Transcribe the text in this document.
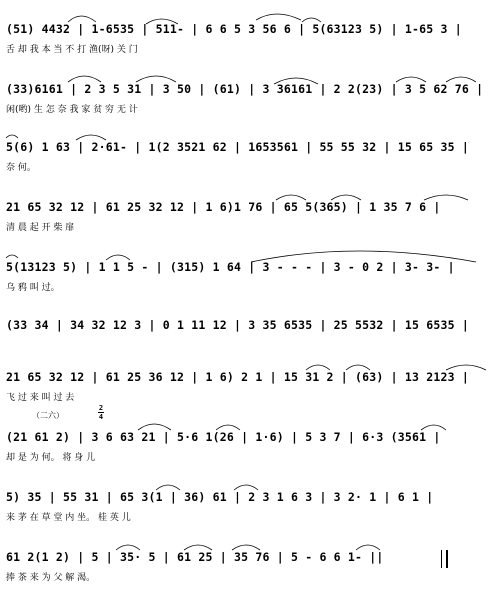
(51) 4432 | 1-6535 | 511- | 6 6 5 3 56 6 | 5(63123 5) | 1-65 3 |
舌 却 我 本 当 不 打 渔(呀) 关 门
(33)6161 | 2 3 5 31 | 3 50 | (61) | 3 36161 | 2 2(23) | 3 5 62 76 |
闲(哟) 生 怎 奈 我 家 贫 穷 无 计
5(6) 1 63 | 2·61- | 1(2 3521 62 | 1653561 | 55 55 32 | 15 65 35 |
奈 何。
21 65 32 12 | 61 25 32 12 | 1 6)1 76 | 65 5(365) | 1 35 7 6 |
清 晨 起 开 柴 扉
5(13123 5) | 1 1 5 - | (315) 1 64 | 3 - - - | 3 - 0 2 | 3- 3- |
乌 鸦 叫 过。
(33 34 | 34 32 12 3 | 0 1 11 12 | 3 35 6535 | 25 5532 | 15 6535 |
21 65 32 12 | 61 25 36 12 | 1 6) 2 1 | 15 31 2 | (63) | 13 2123 |
飞 过 来 叫 过 去
（二六）
2
4
(21 61 2) | 3 6 63 21 | 5·6 1(26 | 1·6) | 5 3 7 | 6·3 (3561 |
却 是 为 何。 将 身 儿
5) 35 | 55 31 | 65 3(1 | 36) 61 | 2 3 1 6 3 | 3 2· 1 | 6 1 |
来 茅 在 草 堂 内 坐。 桂 英 儿
61 2(1 2) | 5 | 35· 5 | 61 25 | 35 76 | 5 - 6 6 1- ||
捧 茶 来 为 父 解 渴。
